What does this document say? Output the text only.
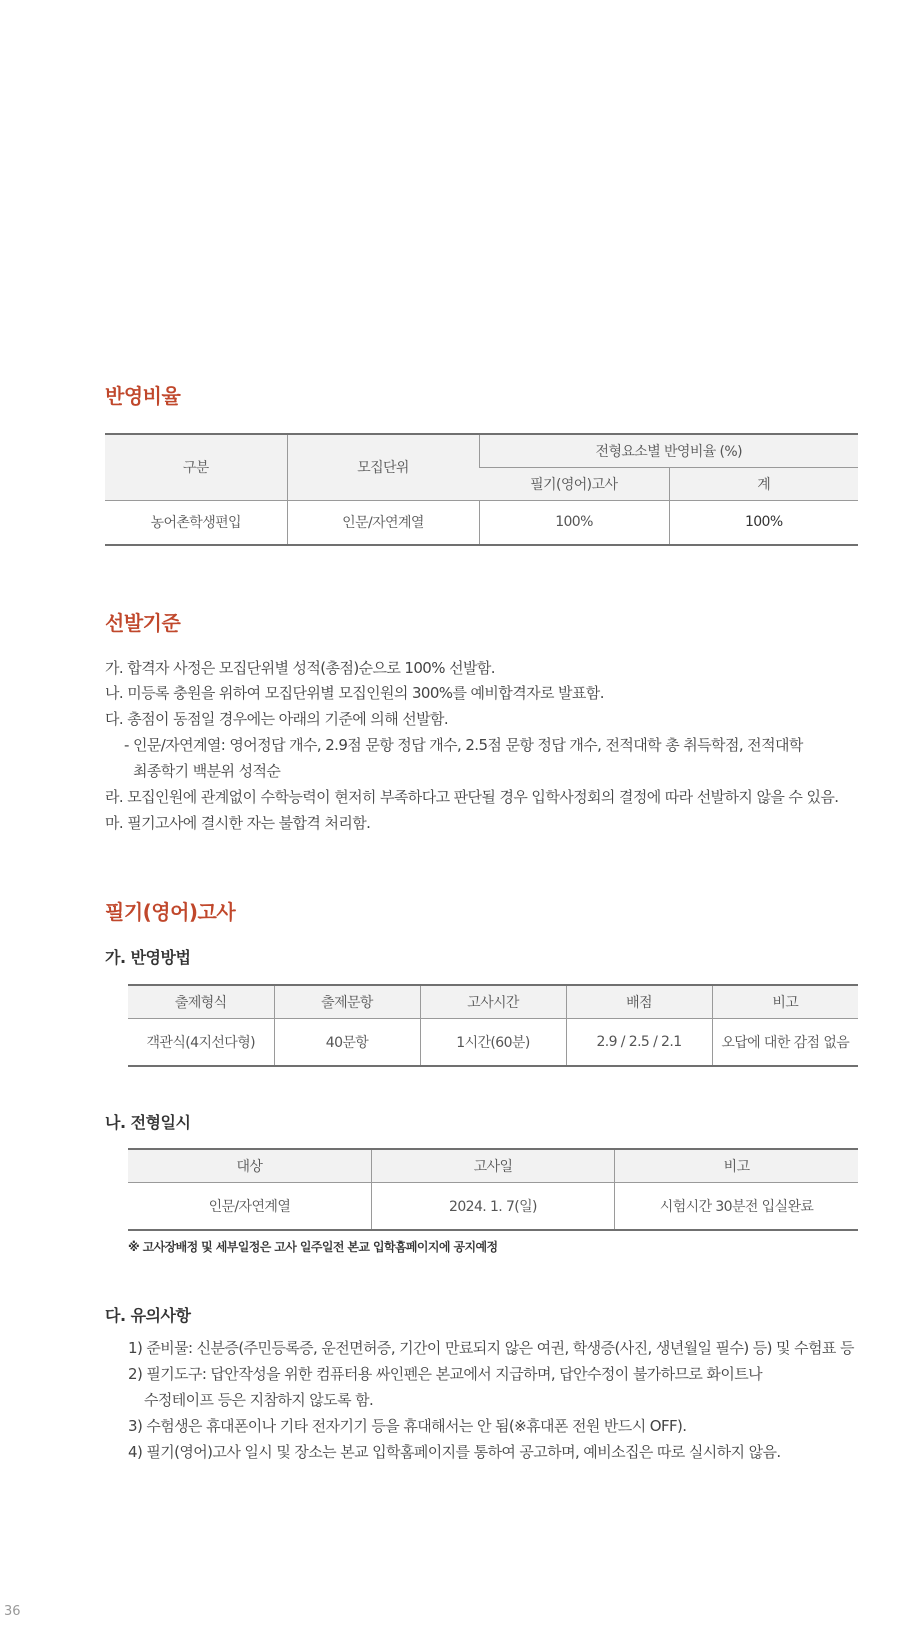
반영비율
구분	모집단위	전형요소별 반영비율 (%)	
		필기(영어)고사	계
농어촌학생편입	인문/자연계열	100%	100%
선발기준
가. 합격자 사정은 모집단위별 성적(총점)순으로 100% 선발함.
나. 미등록 충원을 위하여 모집단위별 모집인원의 300%를 예비합격자로 발표함.
다. 총점이 동점일 경우에는 아래의 기준에 의해 선발함.
- 인문/자연계열: 영어정답 개수, 2.9점 문항 정답 개수, 2.5점 문항 정답 개수, 전적대학 총 취득학점, 전적대학
최종학기 백분위 성적순
라. 모집인원에 관계없이 수학능력이 현저히 부족하다고 판단될 경우 입학사정회의 결정에 따라 선발하지 않을 수 있음.
마. 필기고사에 결시한 자는 불합격 처리함.
필기(영어)고사
가. 반영방법
출제형식	출제문항	고사시간	배점	비고
객관식(4지선다형)	40문항	1시간(60분)	2.9 / 2.5 / 2.1	오답에 대한 감점 없음
나. 전형일시
대상	고사일	비고
인문/자연계열	2024. 1. 7(일)	시험시간 30분전 입실완료
※ 고사장배정 및 세부일정은 고사 일주일전 본교 입학홈페이지에 공지예정
다. 유의사항
1) 준비물: 신분증(주민등록증, 운전면허증, 기간이 만료되지 않은 여권, 학생증(사진, 생년월일 필수) 등) 및 수험표 등
2) 필기도구: 답안작성을 위한 컴퓨터용 싸인펜은 본교에서 지급하며, 답안수정이 불가하므로 화이트나
수정테이프 등은 지참하지 않도록 함.
3) 수험생은 휴대폰이나 기타 전자기기 등을 휴대해서는 안 됨(※휴대폰 전원 반드시 OFF).
4) 필기(영어)고사 일시 및 장소는 본교 입학홈페이지를 통하여 공고하며, 예비소집은 따로 실시하지 않음.
36
